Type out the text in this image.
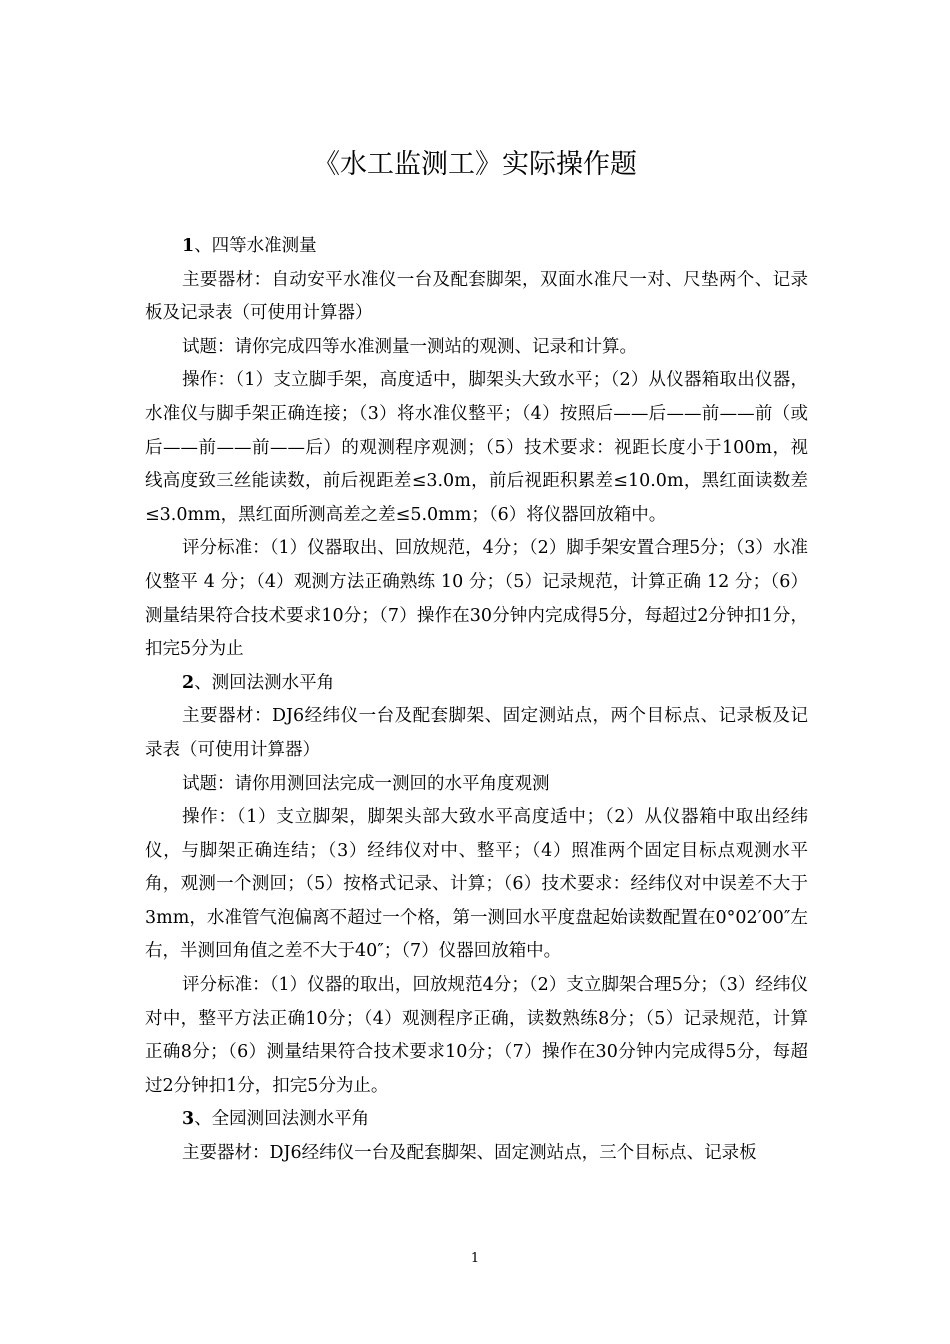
《水工监测工》实际操作题

1、四等水准测量

主要器材：自动安平水准仪一台及配套脚架，双面水准尺一对、尺垫两个、记录板及记录表（可使用计算器）

试题：请你完成四等水准测量一测站的观测、记录和计算。

操作：（1）支立脚手架，高度适中，脚架头大致水平；（2）从仪器箱取出仪器，水准仪与脚手架正确连接；（3）将水准仪整平；（4）按照后——后——前——前（或后——前——前——后）的观测程序观测；（5）技术要求：视距长度小于100m，视线高度致三丝能读数，前后视距差≤3.0m，前后视距积累差≤10.0m，黑红面读数差≤3.0mm，黑红面所测高差之差≤5.0mm；（6）将仪器回放箱中。

评分标准：（1）仪器取出、回放规范，4分；（2）脚手架安置合理5分；（3）水准仪整平 4 分；（4）观测方法正确熟练 10 分；（5）记录规范，计算正确 12 分；（6）测量结果符合技术要求10分；（7）操作在30分钟内完成得5分，每超过2分钟扣1分，扣完5分为止

2、测回法测水平角

主要器材：DJ6经纬仪一台及配套脚架、固定测站点，两个目标点、记录板及记录表（可使用计算器）

试题：请你用测回法完成一测回的水平角度观测

操作：（1）支立脚架，脚架头部大致水平高度适中；（2）从仪器箱中取出经纬仪，与脚架正确连结；（3）经纬仪对中、整平；（4）照准两个固定目标点观测水平角，观测一个测回；（5）按格式记录、计算；（6）技术要求：经纬仪对中误差不大于 3mm，水准管气泡偏离不超过一个格，第一测回水平度盘起始读数配置在0°02′00″左右，半测回角值之差不大于40″；（7）仪器回放箱中。

评分标准：（1）仪器的取出，回放规范4分；（2）支立脚架合理5分；（3）经纬仪对中，整平方法正确10分；（4）观测程序正确，读数熟练8分；（5）记录规范，计算正确8分；（6）测量结果符合技术要求10分；（7）操作在30分钟内完成得5分，每超过2分钟扣1分，扣完5分为止。

3、全园测回法测水平角

主要器材：DJ6经纬仪一台及配套脚架、固定测站点，三个目标点、记录板

1
